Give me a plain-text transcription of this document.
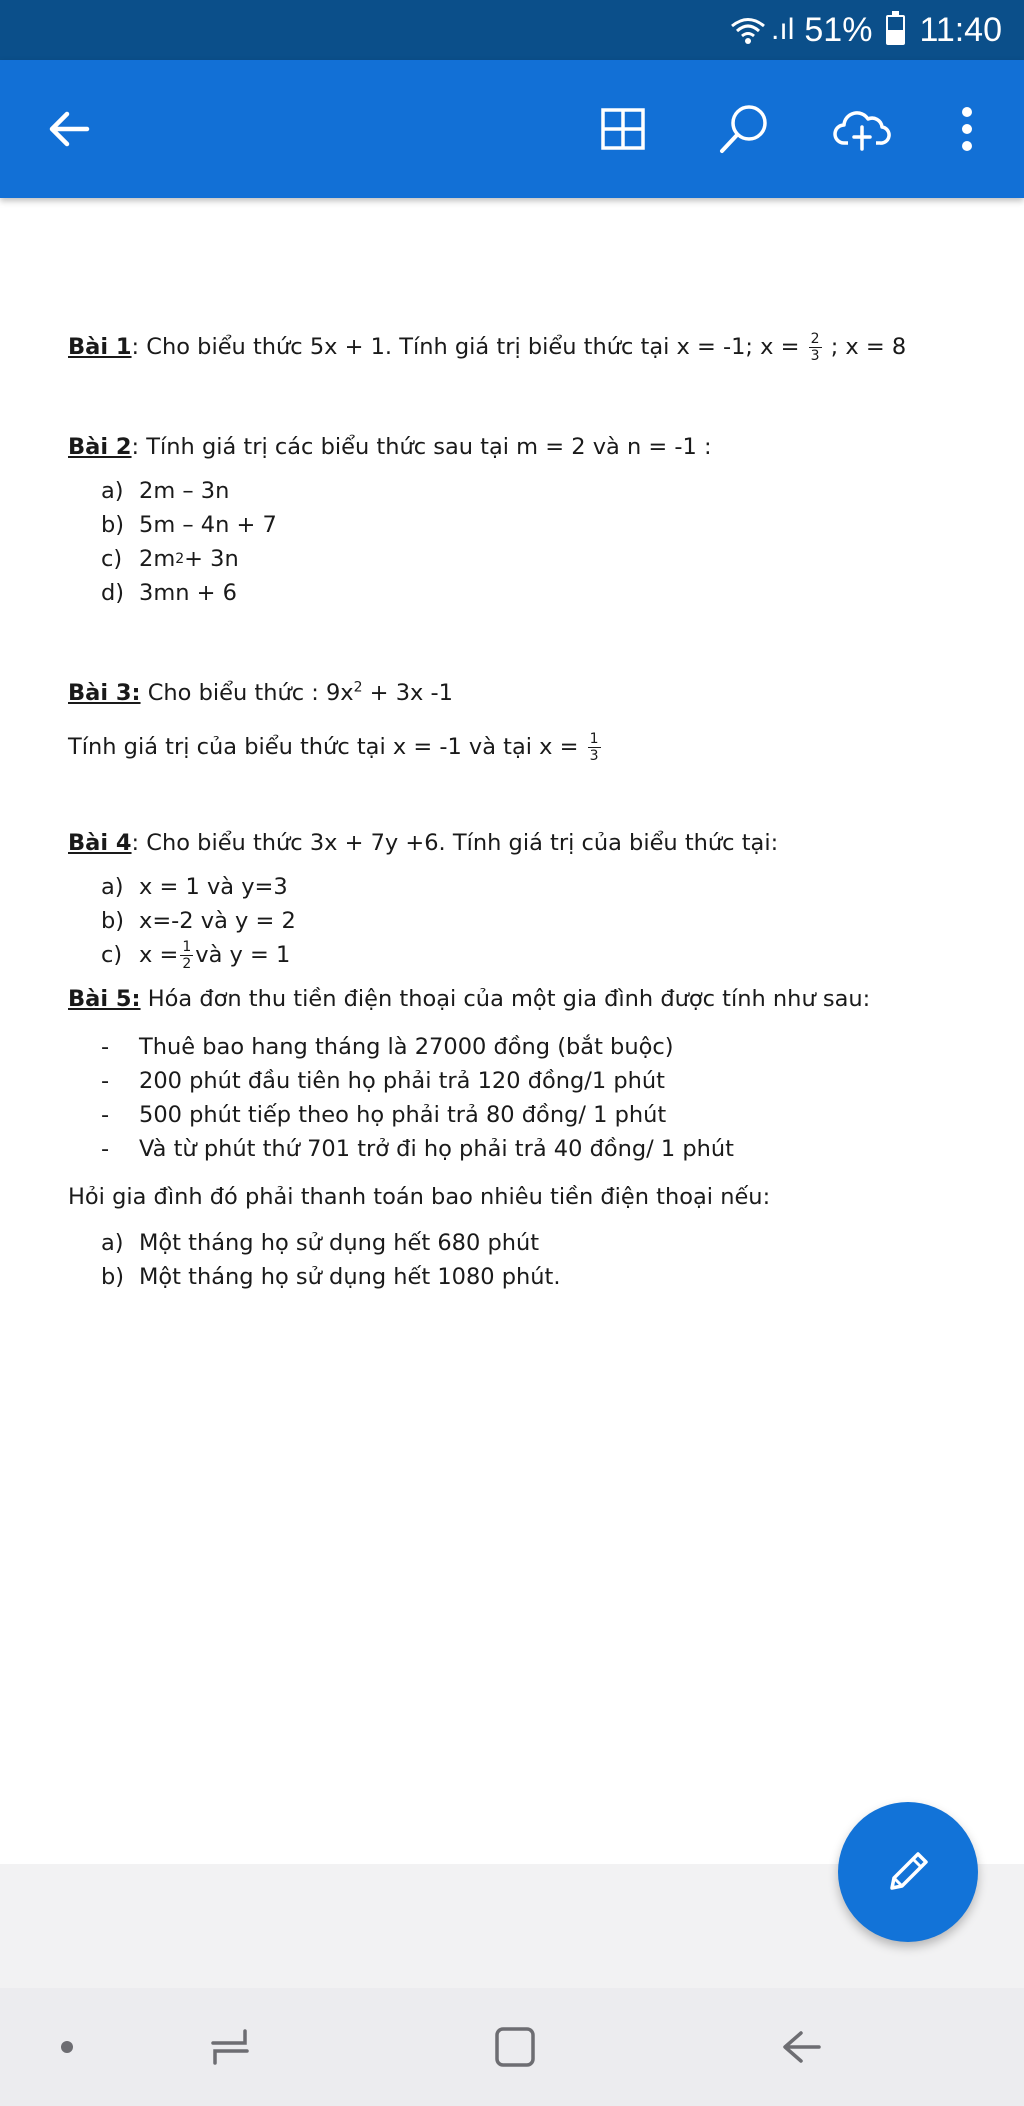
.ıl 51% 11:40

Bài 1: Cho biểu thức 5x + 1. Tính giá trị biểu thức tại x = -1; $x = \frac{2}{3}$ ; x = 8

Bài 2: Tính giá trị các biểu thức sau tại m = 2 và n = -1 :

a) 2m – 3n
b) 5m – 4n + 7
c) 2m 2 + 3n
d) 3mn + 6

Bài 3: Cho biểu thức : $9x^2 + 3x$ -1

Tính giá trị của biểu thức tại x = -1 và tại $x = \frac{1}{3}$

Bài 4: Cho biểu thức 3x + 7y +6. Tính giá trị của biểu thức tại:

a) x = 1 và y=3
b) x=-2 và y = 2
c) $x = \frac{1}{2}$ và y = 1

Bài 5: Hóa đơn thu tiền điện thoại của một gia đình được tính như sau:

-	Thuê bao hang tháng là 27000 đồng (bắt buộc)
-	200 phút đầu tiên họ phải trả 120 đồng/1 phút
-	500 phút tiếp theo họ phải trả 80 đồng/ 1 phút
-	Và từ phút thứ 701 trở đi họ phải trả 40 đồng/ 1 phút

Hỏi gia đình đó phải thanh toán bao nhiêu tiền điện thoại nếu:

a) Một tháng họ sử dụng hết 680 phút
b) Một tháng họ sử dụng hết 1080 phút.
